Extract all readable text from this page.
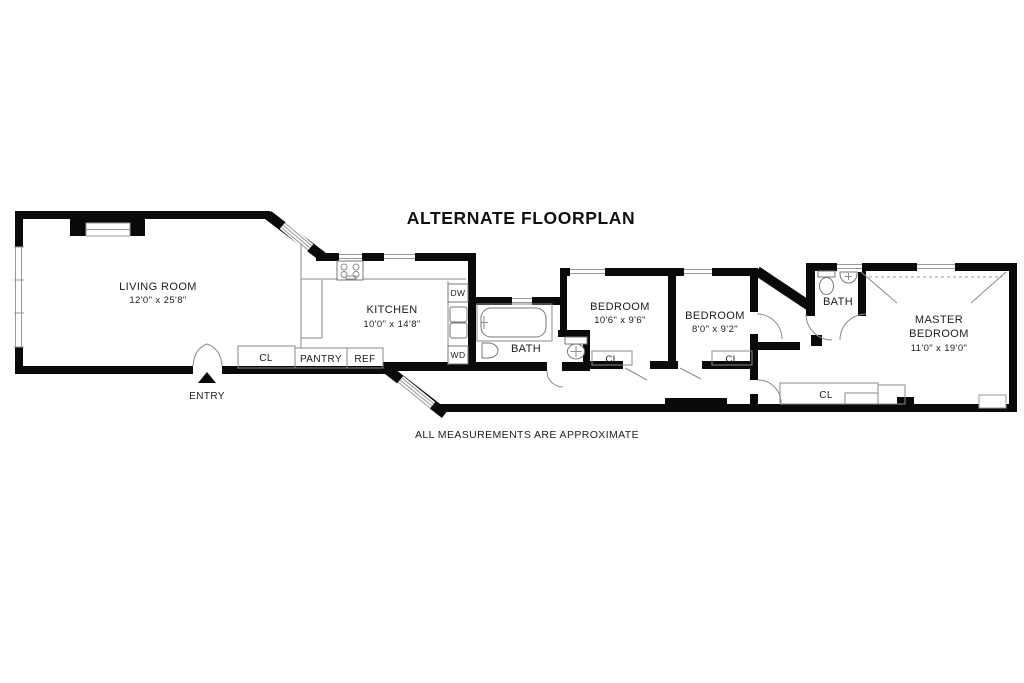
ALTERNATE FLOORPLAN
LIVING ROOM
12'0" x 25'8"
KITCHEN
10'0" x 14'8"
BATH
BEDROOM
10'6" x 9'6"	BEDROOM
8'0" x 9'2"
BATH
MASTER
BEDROOM
11'0" x 19'0"
CL	PANTRY REF	CL	CL
CL
DW
WD
ENTRY
ALL MEASUREMENTS ARE APPROXIMATE
